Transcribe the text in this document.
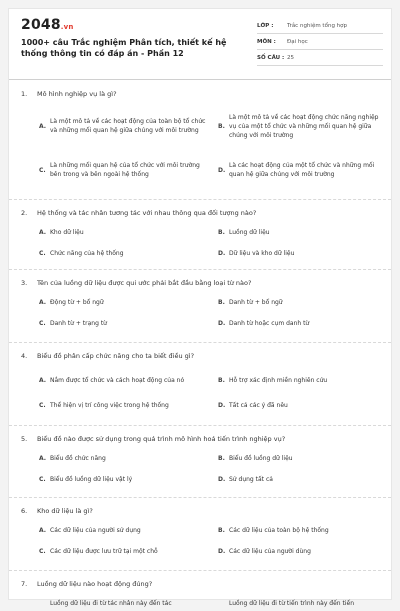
2048.vn
1000+ câu Trắc nghiệm Phân tích, thiết kế hệ thống thông tin có đáp án - Phần 12
LỚP :	Trắc nghiệm tổng hợp
MÔN :	Đại học
SỐ CÂU : 25
1.	Mô hình nghiệp vụ là gì?
A.
Là một mô tả về các hoạt động của toàn bộ tổ chức và những mối quan hệ giữa chúng với môi trường
B.
Là một mô tả về các hoạt động chức năng nghiệp vụ của một tổ chức và những mối quan hệ giữa chúng với môi trường
C.
Là những mối quan hệ của tổ chức với môi trường bên trong và bên ngoài hệ thống
D.
Là các hoạt động của một tổ chức và những mối quan hệ giữa chúng với môi trường
2.	Hệ thống và tác nhân tương tác với nhau thông qua đối tượng nào?
A. Kho dữ liệu	B. Luồng dữ liệu
C. Chức năng của hệ thống	D. Dữ liệu và kho dữ liệu
3.	Tên của luồng dữ liệu được qui ước phải bắt đầu bằng loại từ nào?
A. Động từ + bổ ngữ	B. Danh từ + bổ ngữ
C. Danh từ + trạng từ	D. Danh từ hoặc cụm danh từ
4.	Biểu đồ phân cấp chức năng cho ta biết điều gì?
A. Nắm được tổ chức và cách hoạt động của nó	B. Hỗ trợ xác định miền nghiên cứu
C. Thể hiện vị trí công việc trong hệ thống	D. Tất cả các ý đã nêu
5.	Biểu đồ nào được sử dụng trong quá trình mô hình hoá tiến trình nghiệp vụ?
A. Biểu đồ chức năng	B. Biểu đồ luồng dữ liệu
C. Biểu đồ luồng dữ liệu vật lý	D. Sử dụng tất cả
6.	Kho dữ liệu là gì?
A. Các dữ liệu của người sử dụng	B. Các dữ liệu của toàn bộ hệ thống
C. Các dữ liệu được lưu trữ tại một chỗ	D. Các dữ liệu của người dùng
7.	Luồng dữ liệu nào hoạt động đúng?
Luồng dữ liệu đi từ tác nhân này đến tác	Luồng dữ liệu đi từ tiến trình này đến tiến
